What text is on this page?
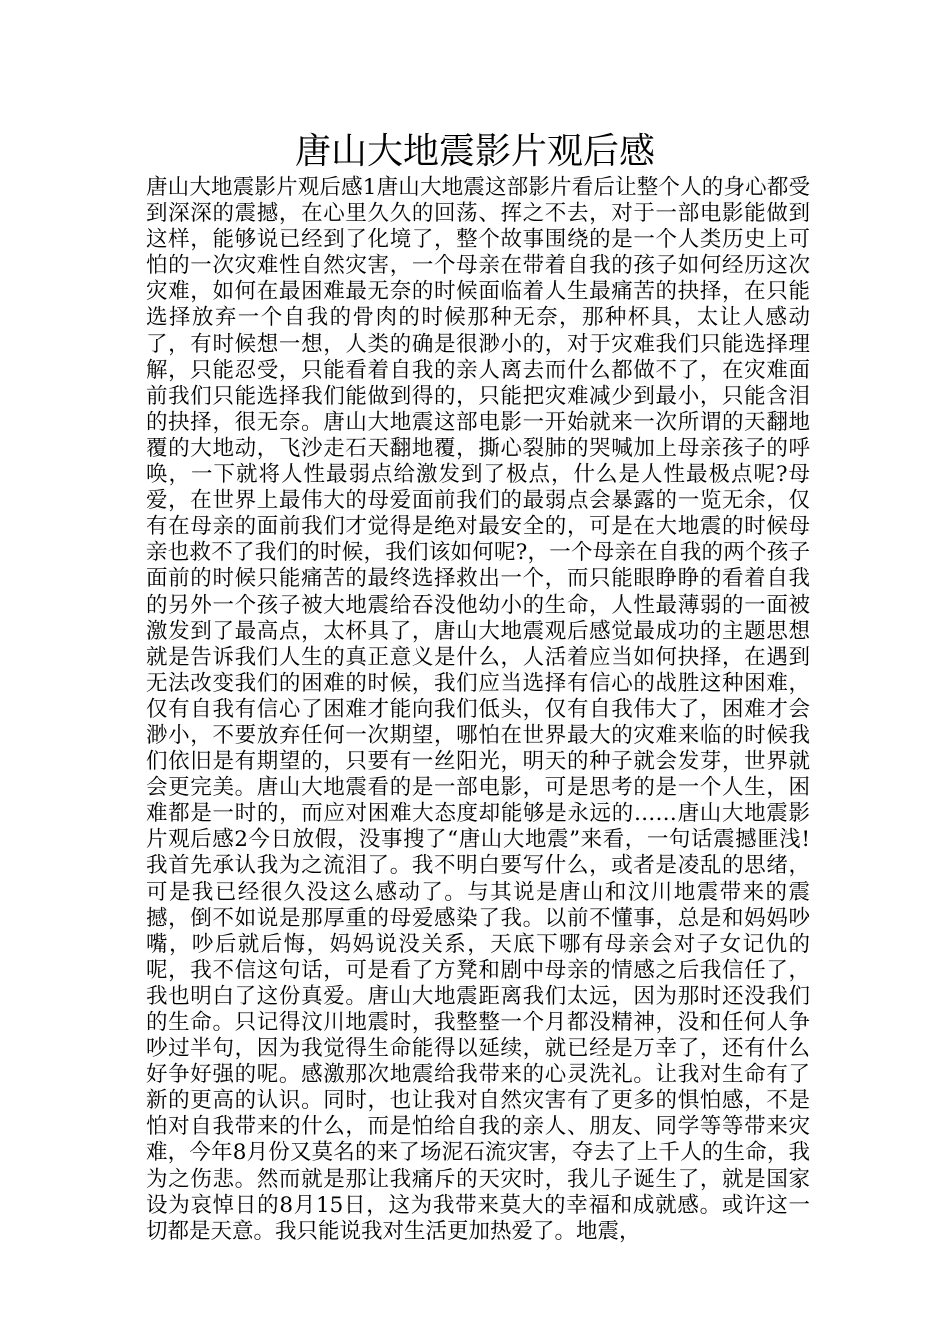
唐山大地震影片观后感

唐山大地震影片观后感1唐山大地震这部影片看后让整个人的身心都受到深深的震撼，在心里久久的回荡、挥之不去，对于一部电影能做到这样，能够说已经到了化境了，整个故事围绕的是一个人类历史上可怕的一次灾难性自然灾害，一个母亲在带着自我的孩子如何经历这次灾难，如何在最困难最无奈的时候面临着人生最痛苦的抉择，在只能选择放弃一个自我的骨肉的时候那种无奈，那种杯具，太让人感动了，有时候想一想，人类的确是很渺小的，对于灾难我们只能选择理解，只能忍受，只能看着自我的亲人离去而什么都做不了，在灾难面前我们只能选择我们能做到得的，只能把灾难减少到最小，只能含泪的抉择，很无奈。唐山大地震这部电影一开始就来一次所谓的天翻地覆的大地动，飞沙走石天翻地覆，撕心裂肺的哭喊加上母亲孩子的呼唤，一下就将人性最弱点给激发到了极点，什么是人性最极点呢?母爱，在世界上最伟大的母爱面前我们的最弱点会暴露的一览无余，仅有在母亲的面前我们才觉得是绝对最安全的，可是在大地震的时候母亲也救不了我们的时候，我们该如何呢?，一个母亲在自我的两个孩子面前的时候只能痛苦的最终选择救出一个，而只能眼睁睁的看着自我的另外一个孩子被大地震给吞没他幼小的生命，人性最薄弱的一面被激发到了最高点，太杯具了，唐山大地震观后感觉最成功的主题思想就是告诉我们人生的真正意义是什么，人活着应当如何抉择，在遇到无法改变我们的困难的时候，我们应当选择有信心的战胜这种困难，仅有自我有信心了困难才能向我们低头，仅有自我伟大了，困难才会渺小，不要放弃任何一次期望，哪怕在世界最大的灾难来临的时候我们依旧是有期望的，只要有一丝阳光，明天的种子就会发芽，世界就会更完美。唐山大地震看的是一部电影，可是思考的是一个人生，困难都是一时的，而应对困难大态度却能够是永远的……唐山大地震影片观后感2今日放假，没事搜了“唐山大地震”来看，一句话震撼匪浅!我首先承认我为之流泪了。我不明白要写什么，或者是凌乱的思绪，可是我已经很久没这么感动了。与其说是唐山和汶川地震带来的震撼，倒不如说是那厚重的母爱感染了我。以前不懂事，总是和妈妈吵嘴，吵后就后悔，妈妈说没关系，天底下哪有母亲会对子女记仇的呢，我不信这句话，可是看了方凳和剧中母亲的情感之后我信任了，我也明白了这份真爱。唐山大地震距离我们太远，因为那时还没我们的生命。只记得汶川地震时，我整整一个月都没精神，没和任何人争吵过半句，因为我觉得生命能得以延续，就已经是万幸了，还有什么好争好强的呢。感激那次地震给我带来的心灵洗礼。让我对生命有了新的更高的认识。同时，也让我对自然灾害有了更多的惧怕感，不是怕对自我带来的什么，而是怕给自我的亲人、朋友、同学等等带来灾难，今年8月份又莫名的来了场泥石流灾害，夺去了上千人的生命，我为之伤悲。然而就是那让我痛斥的天灾时，我儿子诞生了，就是国家设为哀悼日的8月15日，这为我带来莫大的幸福和成就感。或许这一切都是天意。我只能说我对生活更加热爱了。地震，
